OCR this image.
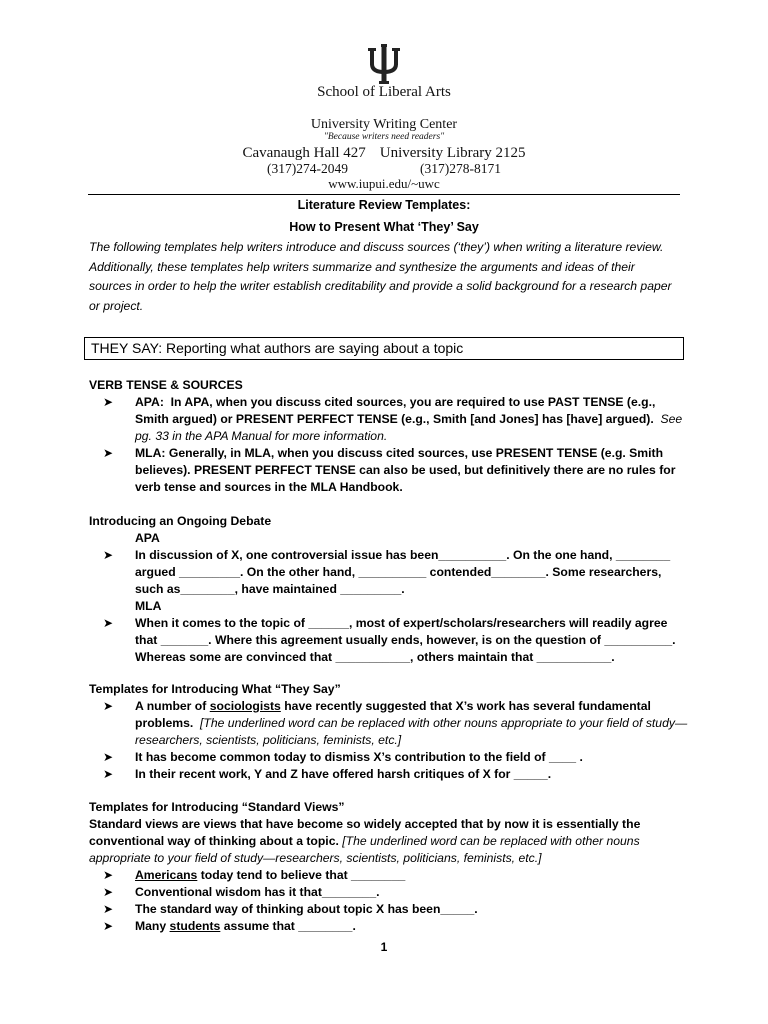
School of Liberal Arts
University Writing Center
"Because writers need readers"
Cavanaugh Hall 427 University Library 2125
(317)274-2049	(317)278-8171
www.iupui.edu/~uwc
Literature Review Templates:
How to Present What ‘They’ Say
The following templates help writers introduce and discuss sources (‘they’) when writing a literature review. Additionally, these templates help writers summarize and synthesize the arguments and ideas of their sources in order to help the writer establish creditability and provide a solid background for a research paper or project.
THEY SAY: Reporting what authors are saying about a topic
VERB TENSE & SOURCES
➤	APA: In APA, when you discuss cited sources, you are required to use PAST TENSE (e.g., Smith argued) or PRESENT PERFECT TENSE (e.g., Smith [and Jones] has [have] argued). See pg. 33 in the APA Manual for more information.
➤	MLA: Generally, in MLA, when you discuss cited sources, use PRESENT TENSE (e.g. Smith believes). PRESENT PERFECT TENSE can also be used, but definitively there are no rules for verb tense and sources in the MLA Handbook.
Introducing an Ongoing Debate
APA
➤	In discussion of X, one controversial issue has been__________. On the one hand, ________ argued _________. On the other hand, __________ contended________. Some researchers, such as________, have maintained _________.
MLA
➤	When it comes to the topic of ______, most of expert/scholars/researchers will readily agree that _______. Where this agreement usually ends, however, is on the question of __________. Whereas some are convinced that ___________, others maintain that ___________.
Templates for Introducing What “They Say”
➤	A number of sociologists have recently suggested that X’s work has several fundamental problems. [The underlined word can be replaced with other nouns appropriate to your field of study—researchers, scientists, politicians, feminists, etc.]
➤	It has become common today to dismiss X’s contribution to the field of ____ .
➤	In their recent work, Y and Z have offered harsh critiques of X for _____.
Templates for Introducing “Standard Views”
Standard views are views that have become so widely accepted that by now it is essentially the conventional way of thinking about a topic. [The underlined word can be replaced with other nouns appropriate to your field of study—researchers, scientists, politicians, feminists, etc.]
➤	Americans today tend to believe that ________
➤	Conventional wisdom has it that________.
➤	The standard way of thinking about topic X has been_____.
➤	Many students assume that ________.
1
